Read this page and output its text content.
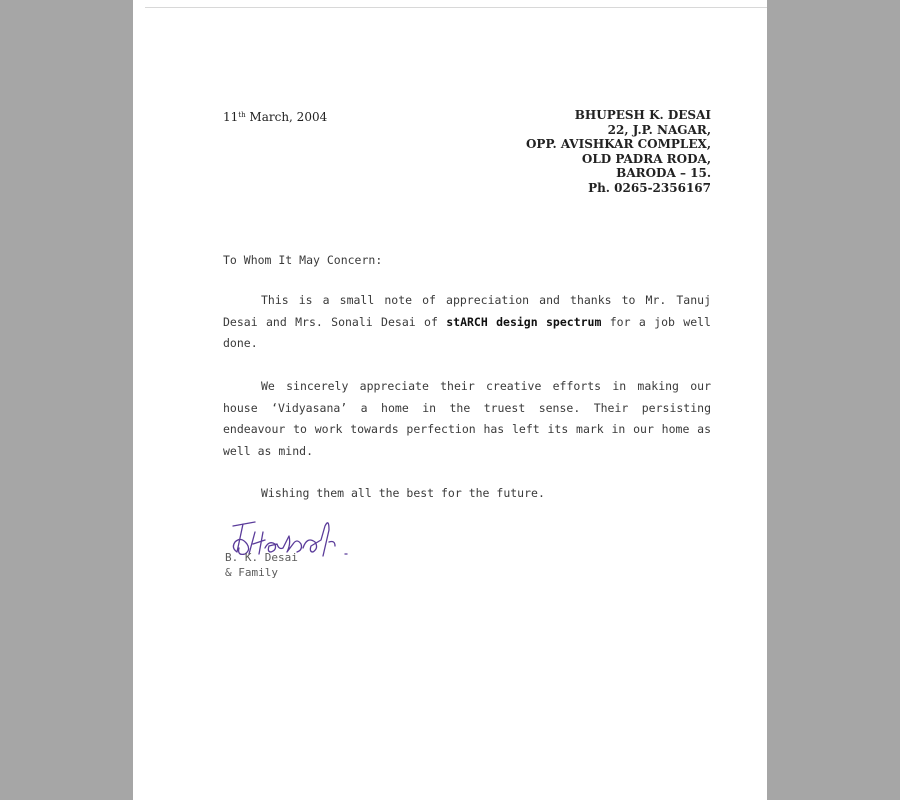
11th March, 2004	BHUPESH K. DESAI
22, J.P. NAGAR,
OPP. AVISHKAR COMPLEX,
OLD PADRA RODA,
BARODA – 15.
Ph. 0265-2356167
To Whom It May Concern:
This is a small note of appreciation and thanks to Mr. Tanuj Desai and Mrs. Sonali Desai of stARCH design spectrum for a job well done.
We sincerely appreciate their creative efforts in making our house ‘Vidyasana’ a home in the truest sense. Their persisting endeavour to work towards perfection has left its mark in our home as well as mind.
Wishing them all the best for the future.
B. K. Desai
& Family
